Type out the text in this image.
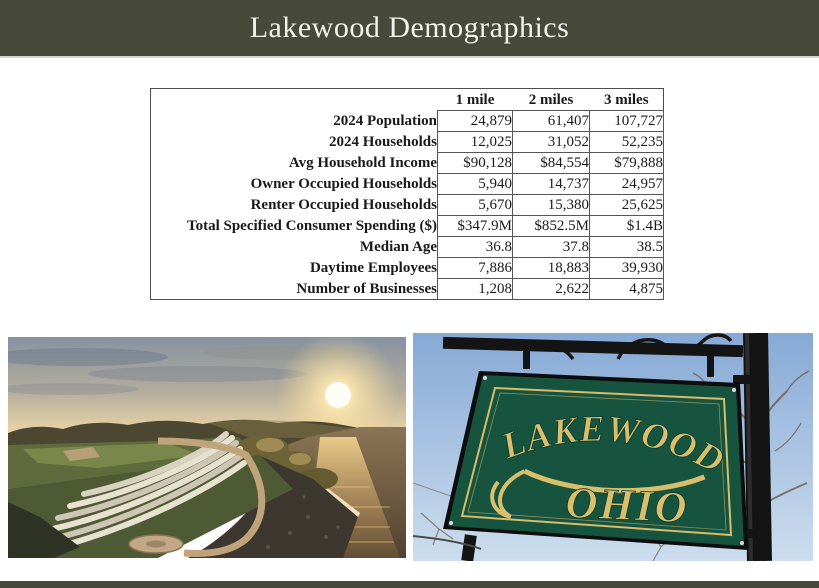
Lakewood Demographics
	1 mile	2 miles	3 miles
2024 Population	24,879	61,407	107,727
2024 Households	12,025	31,052	52,235
Avg Household Income	$90,128	$84,554	$79,888
Owner Occupied Households	5,940	14,737	24,957
Renter Occupied Households	5,670	15,380	25,625
Total Specified Consumer Spending ($)	$347.9M	$852.5M	$1.4B
Median Age	36.8	37.8	38.5
Daytime Employees	7,886	18,883	39,930
Number of Businesses	1,208	2,622	4,875
LAKEWOOD
OHIO
